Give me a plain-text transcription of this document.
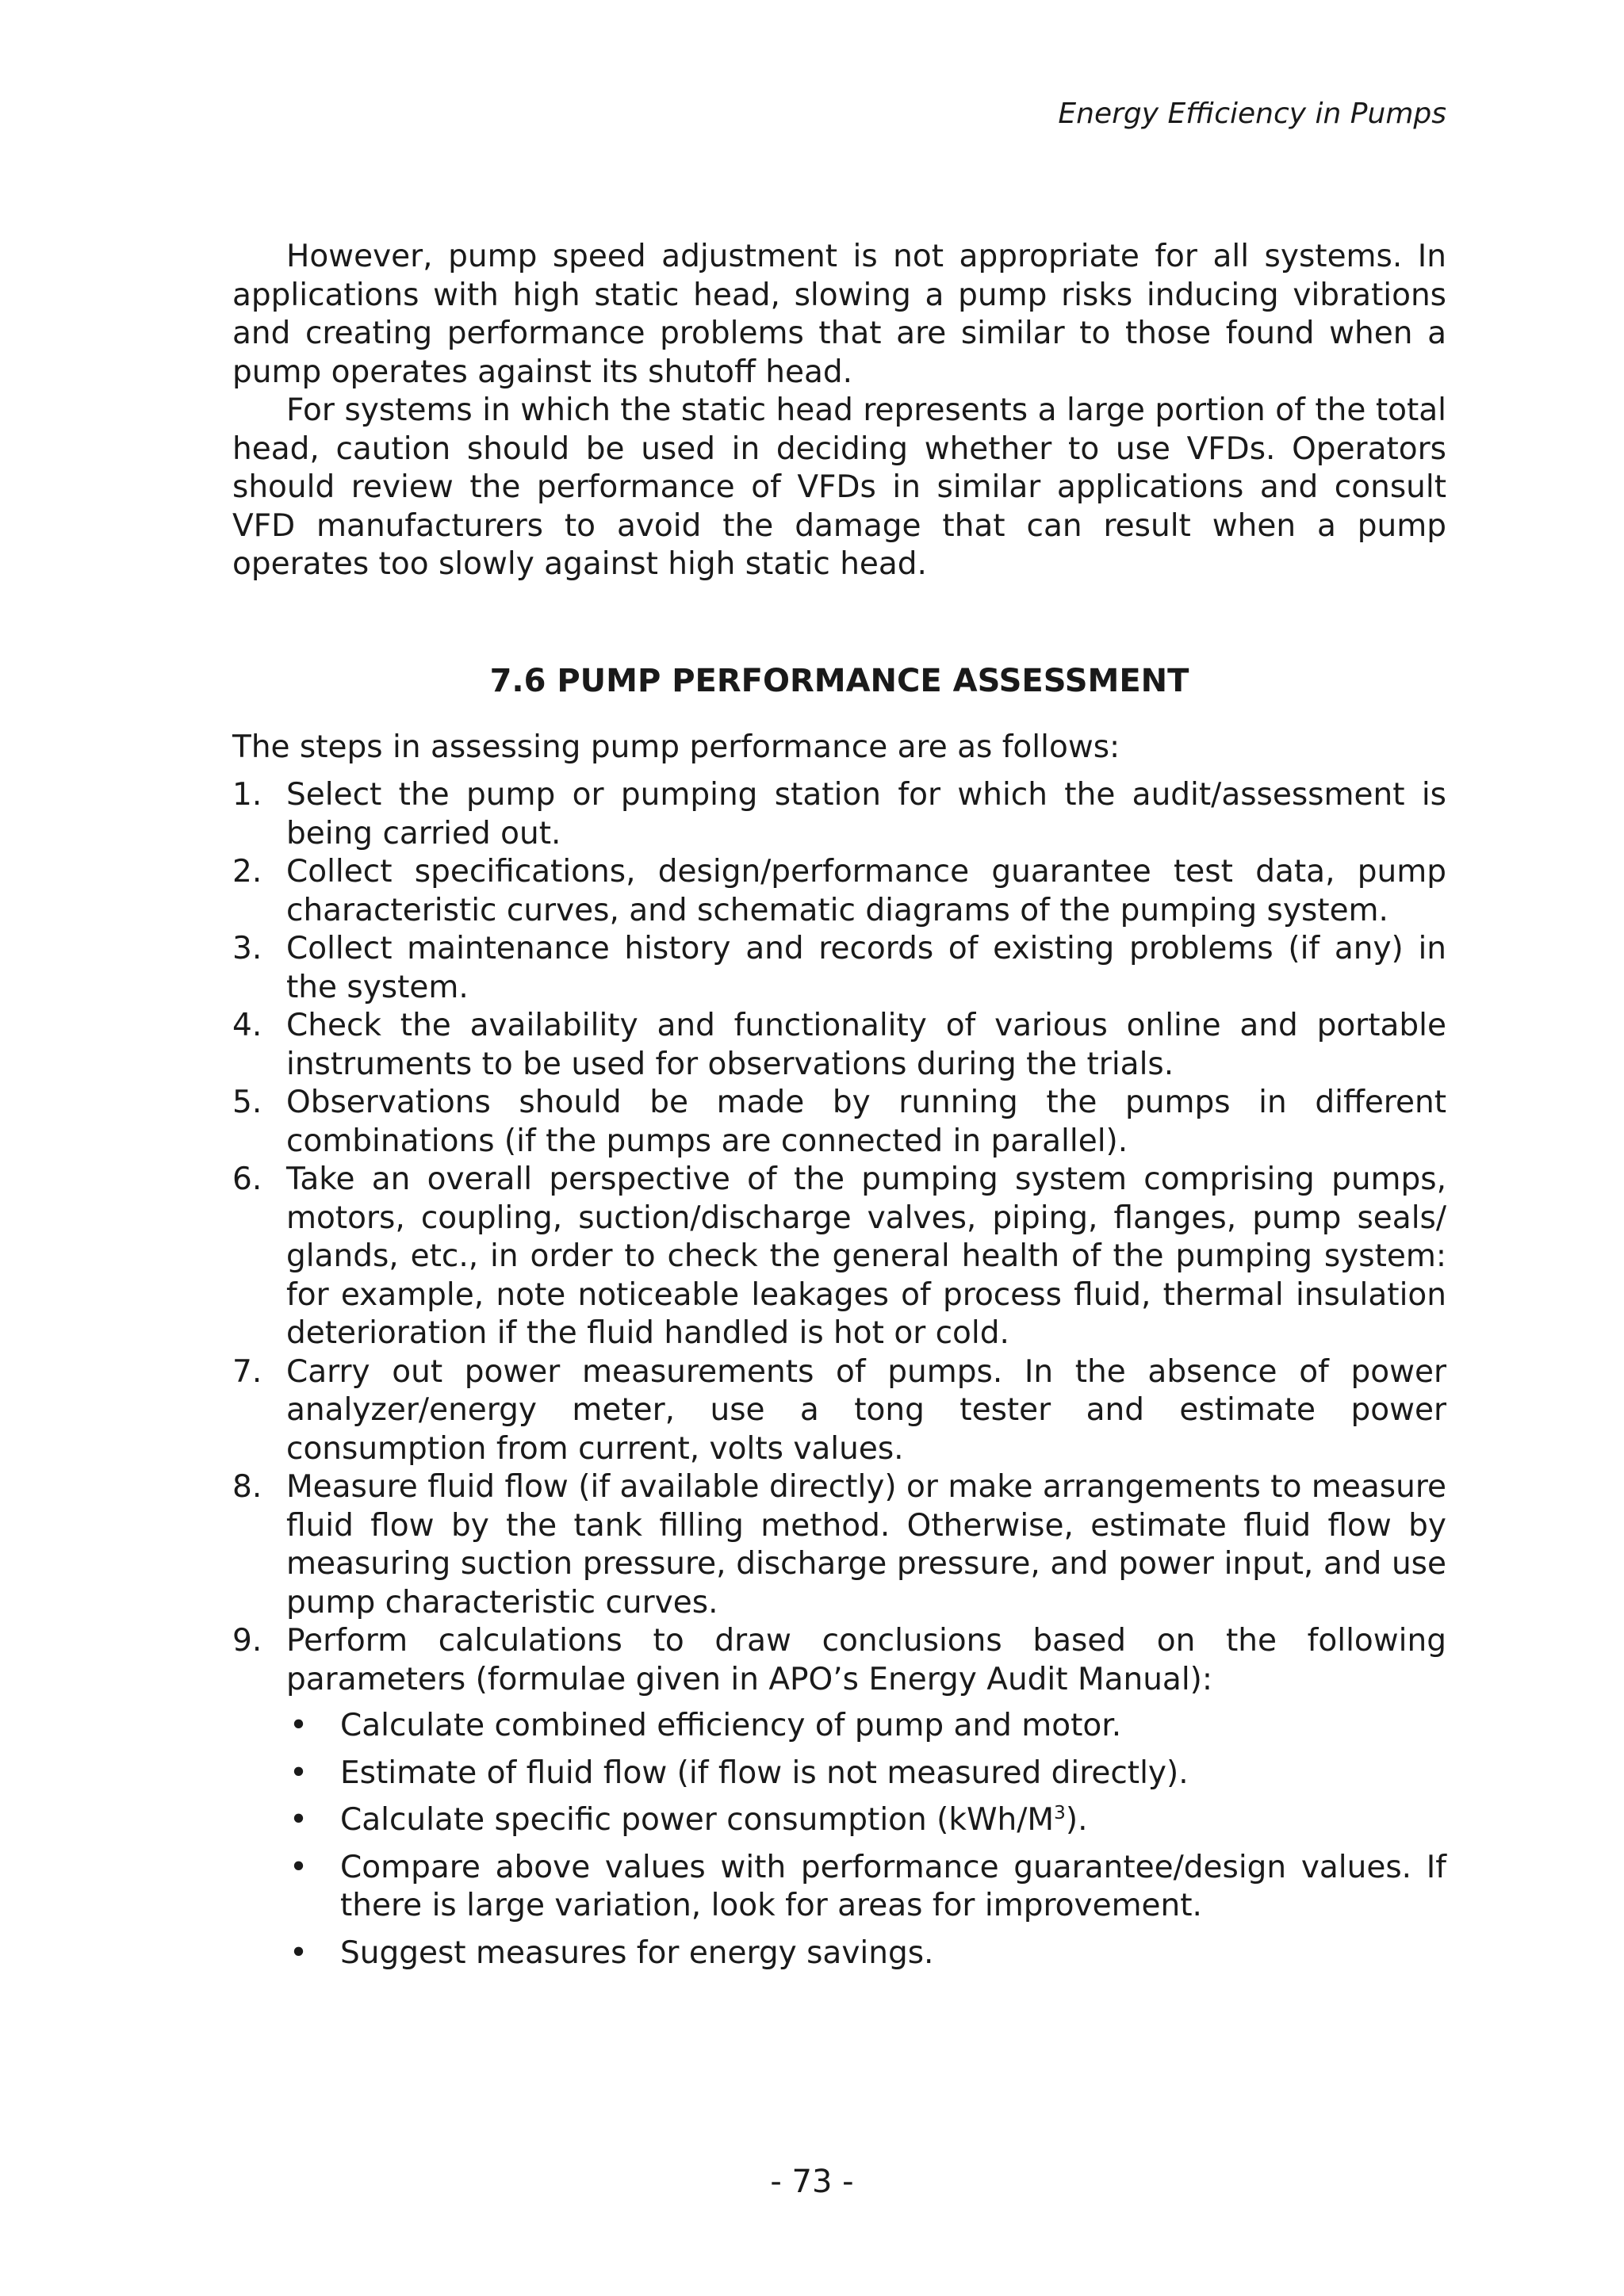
Energy Efficiency in Pumps

However, pump speed adjustment is not appropriate for all systems. In applications with high static head, slowing a pump risks inducing vibrations and creating performance problems that are similar to those found when a pump operates against its shutoff head.

For systems in which the static head represents a large portion of the total head, caution should be used in deciding whether to use VFDs. Operators should review the performance of VFDs in similar applications and consult VFD manufacturers to avoid the damage that can result when a pump operates too slowly against high static head.

7.6 PUMP PERFORMANCE ASSESSMENT

The steps in assessing pump performance are as follows:

1. Select the pump or pumping station for which the audit/assessment is being carried out.
2. Collect specifications, design/performance guarantee test data, pump characteristic curves, and schematic diagrams of the pumping system.
3. Collect maintenance history and records of existing problems (if any) in the system.
4. Check the availability and functionality of various online and portable instruments to be used for observations during the trials.
5. Observations should be made by running the pumps in different combinations (if the pumps are connected in parallel).
6. Take an overall perspective of the pumping system comprising pumps, motors, coupling, suction/discharge valves, piping, flanges, pump seals/ glands, etc., in order to check the general health of the pumping system: for example, note noticeable leakages of process fluid, thermal insulation deterioration if the fluid handled is hot or cold.
7. Carry out power measurements of pumps. In the absence of power analyzer/energy meter, use a tong tester and estimate power consumption from current, volts values.
8. Measure fluid flow (if available directly) or make arrangements to measure fluid flow by the tank filling method. Otherwise, estimate fluid flow by measuring suction pressure, discharge pressure, and power input, and use pump characteristic curves.
9. Perform calculations to draw conclusions based on the following parameters (formulae given in APO’s Energy Audit Manual):
• Calculate combined efficiency of pump and motor.
• Estimate of fluid flow (if flow is not measured directly).
• Calculate specific power consumption $(kWh/M^3)$.
• Compare above values with performance guarantee/design values. If there is large variation, look for areas for improvement.
• Suggest measures for energy savings.
- 73 -
